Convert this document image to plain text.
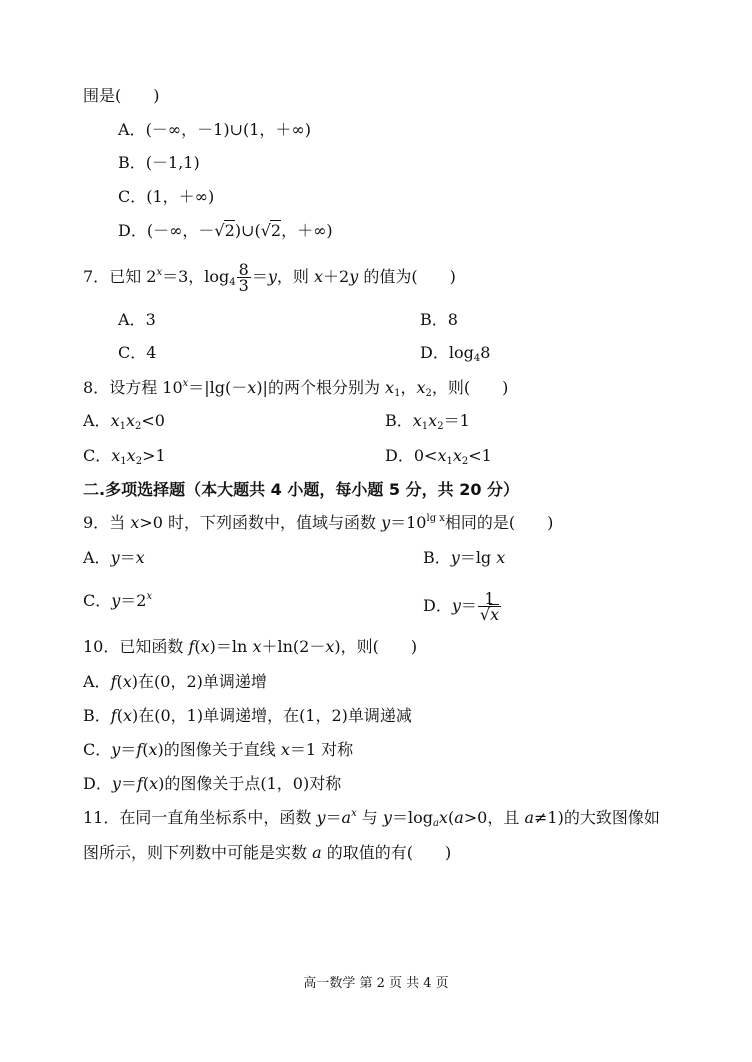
围是(　　)
A．(－∞，－1)∪(1，＋∞)
B．(－1,1)
C．(1，＋∞)
D．(－∞，－√2)∪(√2，＋∞)
7．已知 $2^x=3$，$\log_4 \frac{8}{3} =y$，则 x＋2y 的值为(　　)
A．3	B．8
C．4	D．$\log_48$
8．设方程 $10^x=|\lg(-x)|$的两个根分别为 $x_1$，$x_2$，则(　　)
A．$x_1x_2<0$	B．$x_1x_2=1$
C．$x_1x_2>1$	D．$0<x_1x_2<1$
二.多项选择题（本大题共 4 小题，每小题 5 分，共 20 分）
9．当 x>0 时，下列函数中，值域与函数 $y=10^{lg x}$相同的是(　　)
A．y＝x	B．y＝lg x
C．$y=2^x$	D．$y= \frac{1}{√x}$
10．已知函数 f(x)＝ln x＋ln(2－x)，则(　　)
A．f(x)在(0，2)单调递增
B．f(x)在(0，1)单调递增，在(1，2)单调递减
C．y＝f(x)的图像关于直线 x＝1 对称
D．y＝f(x)的图像关于点(1，0)对称
11．在同一直角坐标系中，函数 $y=a^x$ 与 $y=\log_ax(a>0$，且 a≠1)的大致图像如
图所示，则下列数中可能是实数 a 的取值的有(　　)
高一数学 第 2 页 共 4 页
